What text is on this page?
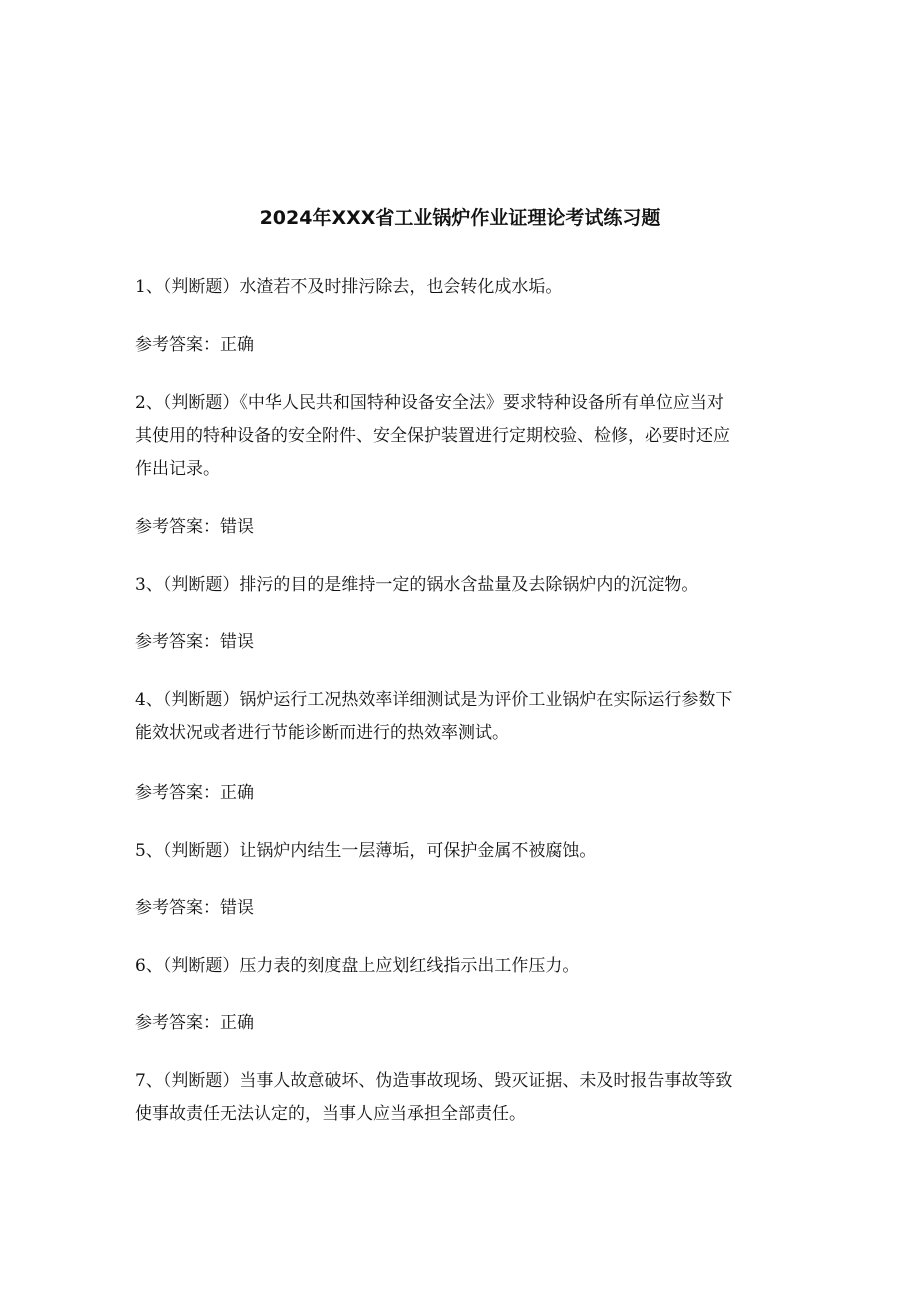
2024年XXX省工业锅炉作业证理论考试练习题
1、（判断题）水渣若不及时排污除去，也会转化成水垢。
参考答案：正确
2、（判断题）《中华人民共和国特种设备安全法》要求特种设备所有单位应当对
其使用的特种设备的安全附件、安全保护装置进行定期校验、检修，必要时还应
作出记录。
参考答案：错误
3、（判断题）排污的目的是维持一定的锅水含盐量及去除锅炉内的沉淀物。
参考答案：错误
4、（判断题）锅炉运行工况热效率详细测试是为评价工业锅炉在实际运行参数下
能效状况或者进行节能诊断而进行的热效率测试。
参考答案：正确
5、（判断题）让锅炉内结生一层薄垢，可保护金属不被腐蚀。
参考答案：错误
6、（判断题）压力表的刻度盘上应划红线指示出工作压力。
参考答案：正确
7、（判断题）当事人故意破坏、伪造事故现场、毁灭证据、未及时报告事故等致
使事故责任无法认定的，当事人应当承担全部责任。
